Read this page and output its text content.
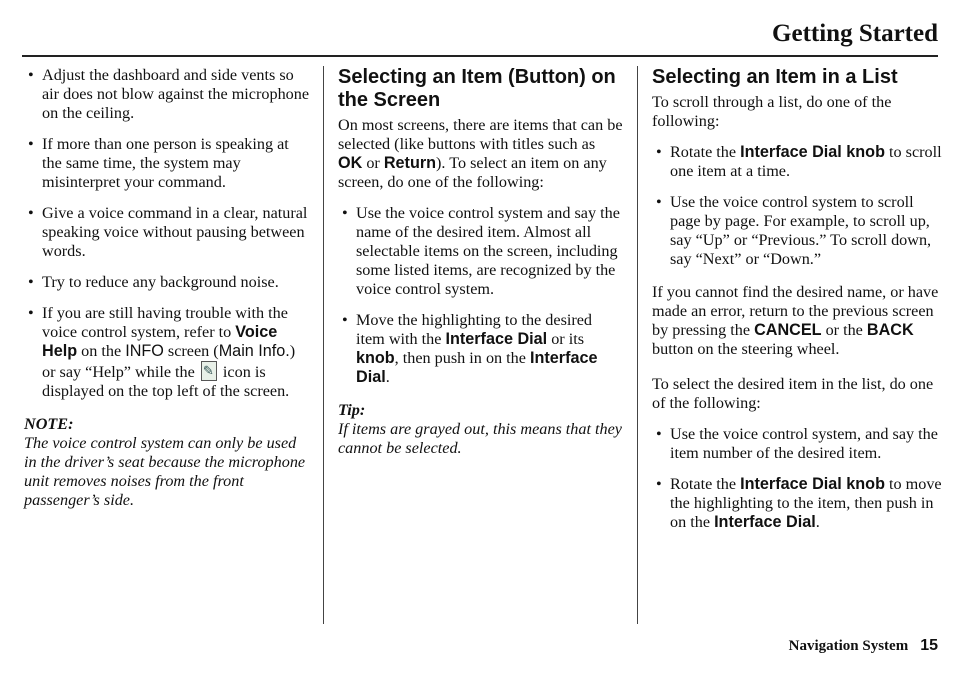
Getting Started
• Adjust the dashboard and side vents so air does not blow against the microphone on the ceiling.
• If more than one person is speaking at the same time, the system may misinterpret your command.
• Give a voice command in a clear, natural speaking voice without pausing between words.
• Try to reduce any background noise.
• If you are still having trouble with the voice control system, refer to Voice Help on the INFO screen (Main Info.) or say “Help” while the ✎ icon is displayed on the top left of the screen.

NOTE:

The voice control system can only be used in the driver’s seat because the microphone unit removes noises from the front passenger’s side.

Selecting an Item (Button) on the Screen

On most screens, there are items that can be selected (like buttons with titles such as OK or Return). To select an item on any screen, do one of the following:

• Use the voice control system and say the name of the desired item. Almost all selectable items on the screen, including some listed items, are recognized by the voice control system.
• Move the highlighting to the desired item with the Interface Dial or its knob, then push in on the Interface Dial.

Tip:

If items are grayed out, this means that they cannot be selected.

Selecting an Item in a List

To scroll through a list, do one of the following:

• Rotate the Interface Dial knob to scroll one item at a time.
• Use the voice control system to scroll page by page. For example, to scroll up, say “Up” or “Previous.” To scroll down, say “Next” or “Down.”

If you cannot find the desired name, or have made an error, return to the previous screen by pressing the CANCEL or the BACK button on the steering wheel.

To select the desired item in the list, do one of the following:

• Use the voice control system, and say the item number of the desired item.
• Rotate the Interface Dial knob to move the highlighting to the item, then push in on the Interface Dial.
Navigation System 15
